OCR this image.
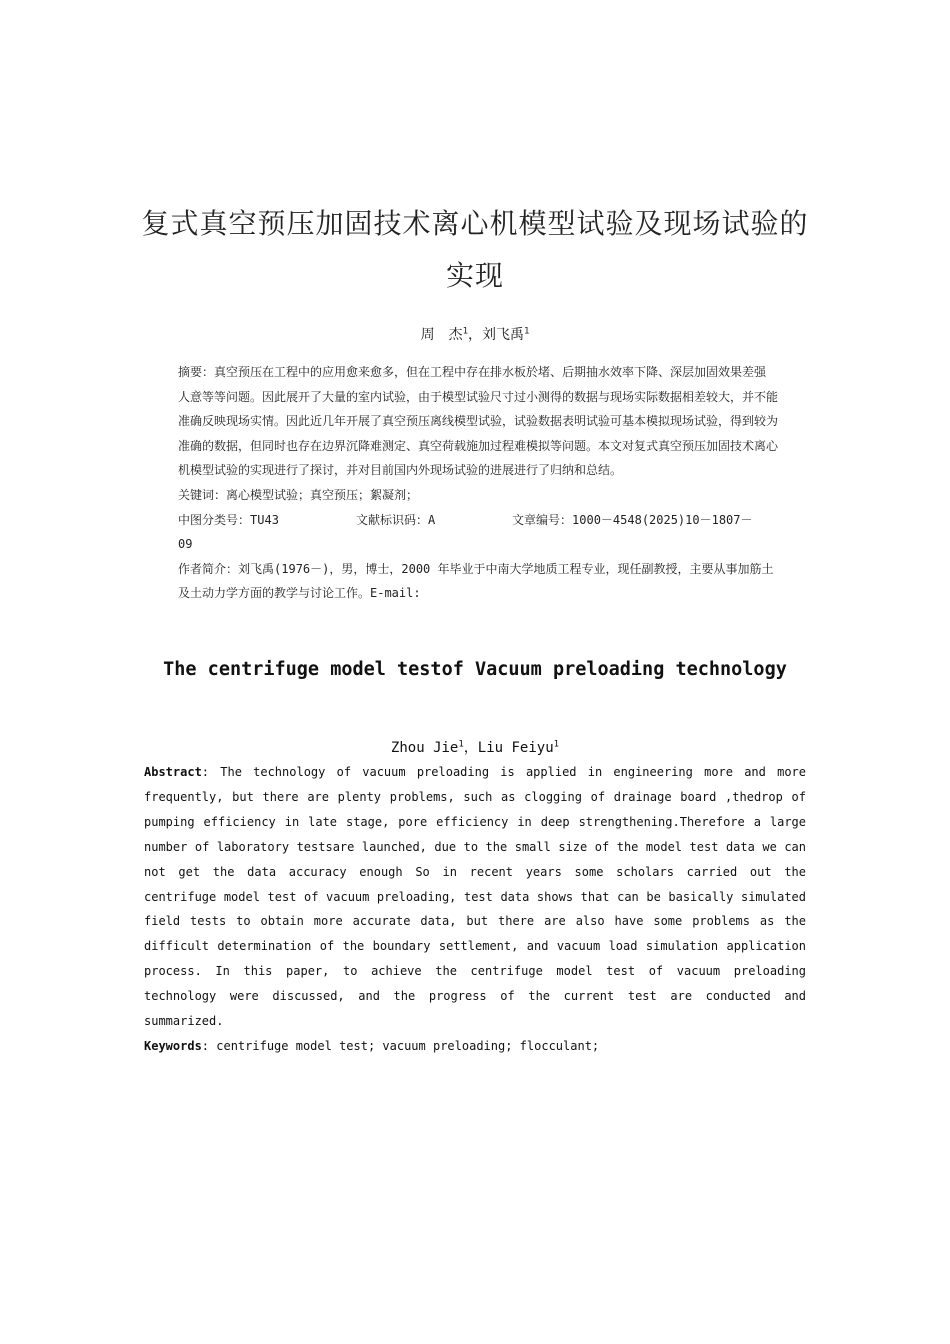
复式真空预压加固技术离心机模型试验及现场试验的实现
周　杰$^1$，刘飞禹$^1$

摘要：真空预压在工程中的应用愈来愈多，但在工程中存在排水板於堵、后期抽水效率下降、深层加固效果差强人意等等问题。因此展开了大量的室内试验，由于模型试验尺寸过小测得的数据与现场实际数据相差较大，并不能准确反映现场实情。因此近几年开展了真空预压离线模型试验，试验数据表明试验可基本模拟现场试验，得到较为准确的数据，但同时也存在边界沉降难测定、真空荷载施加过程难模拟等问题。本文对复式真空预压加固技术离心机模型试验的实现进行了探讨，并对目前国内外现场试验的进展进行了归纳和总结。

关键词：离心模型试验；真空预压；絮凝剂；

中图分类号：TU43	文献标识码：A	文章编号：1000－4548(2025)10－1807－

09

作者简介：刘飞禹(1976－)，男，博士，2000 年毕业于中南大学地质工程专业，现任副教授，主要从事加筋土及土动力学方面的教学与讨论工作。E-mail:

The centrifuge model testof Vacuum preloading technology
Zhou Jie$^1$，Liu Feiyu$^1$
Abstract: The technology of vacuum preloading is applied in engineering more and more frequently, but there are plenty problems, such as clogging of drainage board ,thedrop of pumping efficiency in late stage, pore efficiency in deep strengthening.Therefore a large number of laboratory testsare launched, due to the small size of the model test data we can not get the data accuracy enough So in recent years some scholars carried out the centrifuge model test of vacuum preloading, test data shows that can be basically simulated field tests to obtain more accurate data, but there are also have some problems as the difficult determination of the boundary settlement, and vacuum load simulation application process. In this paper, to achieve the centrifuge model test of vacuum preloading technology were discussed, and the progress of the current test are conducted and summarized.
Keywords: centrifuge model test; vacuum preloading; flocculant;
